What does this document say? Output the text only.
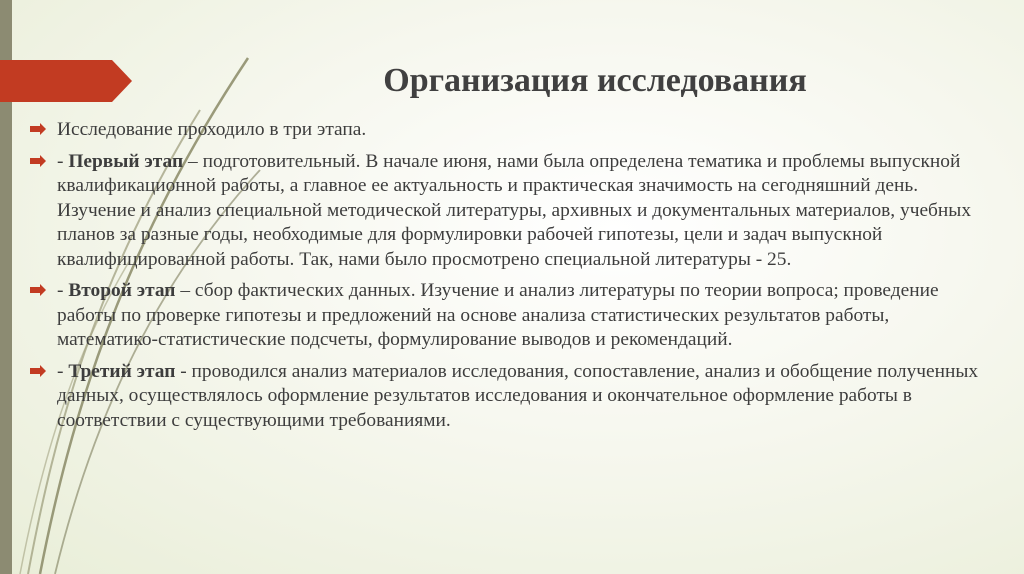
Организация исследования
Исследование проходило в три этапа.
- Первый этап – подготовительный. В начале июня, нами была определена тематика и проблемы выпускной квалификационной работы, а главное ее актуальность и практическая значимость на сегодняшний день. Изучение и анализ специальной методической литературы, архивных и документальных материалов, учебных планов за разные годы, необходимые для формулировки рабочей гипотезы, цели и задач выпускной квалифицированной работы. Так, нами было просмотрено специальной литературы - 25.
- Второй этап – сбор фактических данных. Изучение и анализ литературы по теории вопроса; проведение работы по проверке гипотезы и предложений на основе анализа статистических результатов работы, математико-статистические подсчеты, формулирование выводов и рекомендаций.
- Третий этап - проводился анализ материалов исследования, сопоставление, анализ и обобщение полученных данных, осуществлялось оформление результатов исследования и окончательное оформление работы в соответствии с существующими требованиями.
